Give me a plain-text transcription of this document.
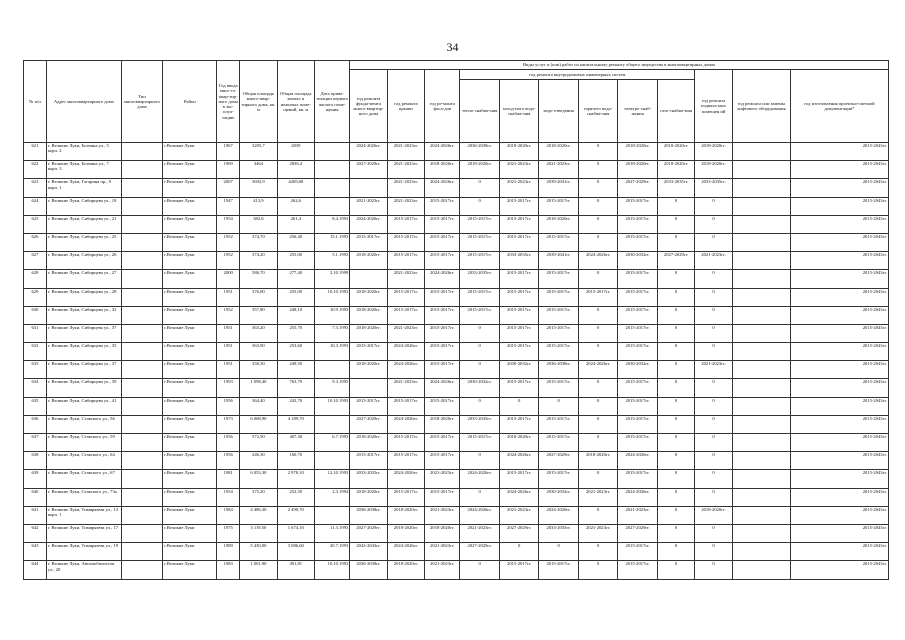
34
№ п/п	Адрес многоквартирного дома	Тип многоквартирного дома	Район	Год ввода мног-го-квар-тир-ного дома в экс-плуа-тацию	Общая площадь много-квар-тирного дома, кв. м	Общая площадь жилых и нежилых поме-щений, кв. м	Дата прива-тизации первого жилого поме-щения	Виды услуг и (или) работ по капитальному ремонту общего имущества в многоквартирных домах											
								год ремонта фунда-мента много-квартир-ного дома	год ремонта крыши	год ре-монта фаса-дов	год ремонта внутридомовых инженерных систем						год ремонта подваль-ных помещен ий	год ремонта или замены лифтового оборудования	год изготовления проектно-сметной документации*
											тепло-снабже-ния	холод-ного водо-снабже-ния	водо-отведения	горячего водо-снабже-ния	электро-снаб-жения	газо-снабже-ния			
621	г. Великие Луки, Ботвина ул., 5 корп. 2		г.Великие Луки	1967	3205,7	2839		2024-2026гг.	2021-2023гг.	2024-2026гг.	2036-2038гг.	2018-2020гг.	2018-2020гг.	0	2018-2020гг.	2018-2020гг.	2018-2020гг.		2015-2043гг.
622	г. Великие Луки, Ботвина ул., 7 корп. 3		г.Великие Луки	1969	3464	2836,4		2027-2029гг.	2021-2023гг.	2018-2020гг.	2018-2020гг.	2021-2023гг.	2021-2023гг.	0	2018-2020гг.	2018-2020гг.	2018-2020гг.		2015-2043гг.
623	г. Великие Луки, Гагарина пр., 9 корп. 1		г.Великие Луки	2007	3692,9	4269,68			2021-2023гг.	2024-2026гг.	0	2021-2023гг.	2039-2041гг.	0	2027-2029гг.	2033-2035гг.	2033-2035гг.		2015-2043гг.
624	г. Великие Луки, Сибирцева ул., 18		г.Великие Луки	1947	413,9	262,6		2021-2023гг.	2021-2023гг.	2015-2017гг.	0	2015-2017гг.	2015-2017гг.	0	2015-2017гг.	0	0		2015-2043гг.
625	г. Великие Луки, Сибирцева ул., 21		г.Великие Луки	1954	382,6	261,4	8.4.1993	2024-2026гг.	2015-2017гг.	2015-2017гг.	2015-2017гг.	2015-2017гг.	2018-2020гг.	0	2015-2017гг.	0	0		2015-2043гг.
626	г. Великие Луки, Сибирцева ул., 25		г.Великие Луки	1952	374,70	256,40	15.1.1993	2015-2017гг.	2015-2017гг.	2015-2017гг.	2015-2017гг.	2015-2017гг.	2015-2017гг.	0	2015-2017гг.	0	0		2015-2043гг.
627	г. Великие Луки, Сибирцева ул., 26		г.Великие Луки	1952	374,20	255,00	5.1.1993	2018-2020гг.	2015-2017гг.	2015-2017гг.	2015-2017гг.	2033-2035гг.	2039-2041гг.	2024-2026гг.	2030-2032гг.	2027-2029гг.	2021-2023гг.		2015-2043гг.
628	г. Великие Луки, Сибирцева ул., 27		г.Великие Луки	2000	586,70	277,40	2.10.1999		2021-2023гг.	2024-2026гг.	2033-2035гг.	2015-2017гг.	2015-2017гг.	0	2015-2017гг.	0	0		2015-2043гг.
629	г. Великие Луки, Сибирцева ул., 28		г.Великие Луки	1951	376,00	255,00	10.10.1993	2018-2020гг.	2015-2017гг.	2015-2017гг.	2015-2017гг.	2015-2017гг.	2015-2017гг.	2015-2017гг.	2015-2017гг.	0	0		2015-2043гг.
630	г. Великие Луки, Сибирцева ул., 32		г.Великие Луки	1952	357,80	248,10	10.9.1993	2018-2020гг.	2015-2017гг.	2015-2017гг.	2015-2017гг.	2015-2017гг.	2015-2017гг.	0	2015-2017гг.	0	0		2015-2043гг.
631	г. Великие Луки, Сибирцева ул., 37		г.Великие Луки	1951	363,20	255,70	7.3.1993	2018-2020гг.	2021-2023гг.	2015-2017гг.	0	2015-2017гг.	2015-2017гг.	0	2015-2017гг.	0	0		2015-2043гг.
632	г. Великие Луки, Сибирцева ул., 35		г.Великие Луки	1951	363,90	253,60	10.3.1993	2015-2017гг.	2024-2026гг.	2015-2017гг.	0	2015-2017гг.	2015-2017гг.	0	2015-2017гг.	0	0		2015-2043гг.
633	г. Великие Луки, Сибирцева ул., 37		г.Великие Луки	1951	358,30	249,50		2018-2020гг.	2024-2026гг.	2015-2017гг.	0	2030-2032гг.	2036-2038гг.	2024-2026гг.	2030-2032гг.	0	2021-2023гг.		2015-2043гг.
634	г. Великие Луки, Сибирцева ул., 39		г.Великие Луки	1993	1 098,40	763,70	9.3.1995		2021-2023гг.	2024-2026гг.	2030-2032гг.	2015-2017гг.	2015-2017гг.	0	2015-2017гг.	0	0		2015-2043гг.
635	г. Великие Луки, Сибирцева ул., 41		г.Великие Луки	1956	364,40	243,70	10.10.1993	2015-2017гг.	2015-2017гг.	2015-2017гг.	0	0	0	0	2015-2017гг.	0	0		2015-2043гг.
636	г. Великие Луки, Ставского ул., 56		г.Великие Луки	1973	6 068,90	4 189,70		2027-2029гг.	2024-2026гг.	2018-2020гг.	2033-2035гг.	2015-2017гг.	2015-2017гг.	0	2015-2017гг.	0	0		2015-2043гг.
637	г. Великие Луки, Ставского ул., 59		г.Великие Луки	1956	572,50	407,30	6.7.1993	2018-2020гг.	2015-2017гг.	2015-2017гг.	2015-2017гг.	2018-2020гг.	2015-2017гг.	0	2015-2017гг.	0	0		2015-2043гг.
638	г. Великие Луки, Ставского ул., 64		г.Великие Луки	1956	246,30	160,70		2015-2017гг.	2015-2017гг.	2015-2017гг.	0	2024-2026гг.	2027-2029гг.	2018-2020гг.	2024-2026гг.	0	0		2015-2043гг.
639	г. Великие Луки, Ставского ул., 67		г.Великие Луки	1981	6 053,30	2 978,10	12.10.1993	2033-2035гг.	2024-2026гг.	2021-2023гг.	2024-2026гг.	2015-2017гг.	2015-2017гг.	0	2015-2017гг.	0	0		2015-2043гг.
640	г. Великие Луки, Ставского ул., 73а		г.Великие Луки	1954	375,20	252,50	2.3.1994	2018-2020гг.	2015-2017гг.	2015-2017гг.	0	2024-2026гг.	2030-2032гг.	2021-2023гг.	2024-2026гг.	0	0		2015-2043гг.
641	г. Великие Луки, Тимирязева ул., 13 корп. 1		г.Великие Луки	1984	4 486,30	2 490,70		2036-2038гг.	2018-2020гг.	2021-2023гг.	2024-2026гг.	2021-2023гг.	2024-2026гг.	0	2021-2023гг.	0	2018-2020гг.		2015-2043гг.
642	г. Великие Луки, Тимирязева ул., 17		г.Великие Луки	1975	3 119,50	1 674,10	11.3.1993	2027-2029гг.	2018-2020гг.	2018-2020гг.	2021-2023гг.	2027-2029гг.	2033-2035гг.	2021-2023гг.	2027-2029гг.	0	0		2015-2043гг.
643	г. Великие Луки, Тимирязева ул., 19		г.Великие Луки	1989	5 430,00	3 086,60	20.7.1993	2042-2043гг.	2024-2026гг.	2021-2023гг.	2027-2029гг.	0	0	0	2015-2017гг.	0	0		2015-2043гг.
644	г. Великие Луки, Автомобилистов ул., 20		г.Великие Луки	1983	1 001,90	491,81	10.10.1993	2036-2038гг.	2018-2020гг.	2021-2023гг.	0	2015-2017гг.	2015-2017гг.	0	2015-2017гг.	0	0		2015-2043гг.
